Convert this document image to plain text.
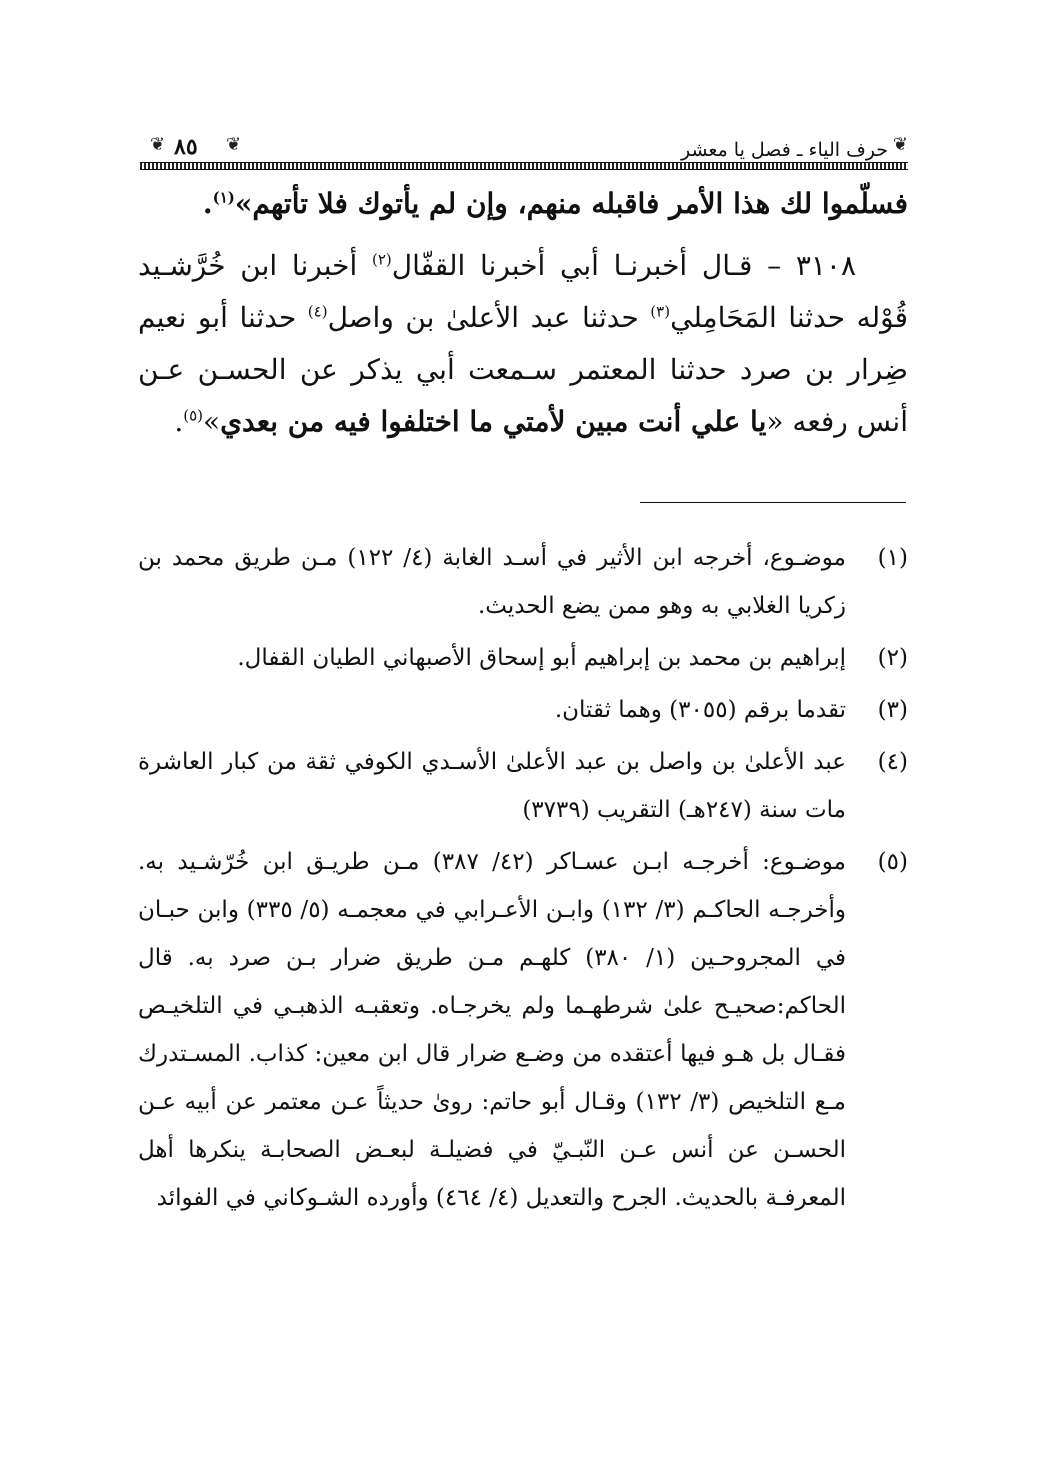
❦
حرف الياء ـ فصل يا معشر
❦
٨٥
❦

فسلّموا لك هذا الأمر فاقبله منهم، وإن لم يأتوك فلا تأتهم»$^{(١)}$.

٣١٠٨ – قـال أخبرنـا أبي أخبرنا القفّال$^{(٢)}$ أخبرنا ابن خُرَّشـيد قُوْله حدثنا المَحَامِلي$^{(٣)}$ حدثنا عبد الأعلىٰ بن واصل$^{(٤)}$ حدثنا أبو نعيم ضِرار بن صرد حدثنا المعتمر سـمعت أبي يذكر عن الحسـن عـن أنس رفعه «يا علي أنت مبين لأمتي ما اختلفوا فيه من بعدي»$^{(٥)}$.

(١)
موضـوع، أخرجه ابن الأثير في أسـد الغابة (٤/ ١٢٢) مـن طريق محمد بن زكريا الغلابي به وهو ممن يضع الحديث.
(٢)
إبراهيم بن محمد بن إبراهيم أبو إسحاق الأصبهاني الطيان القفال.
(٣)
تقدما برقم (٣٠٥٥) وهما ثقتان.
(٤)
عبد الأعلىٰ بن واصل بن عبد الأعلىٰ الأسـدي الكوفي ثقة من كبار العاشرة مات سنة (٢٤٧هـ) التقريب (٣٧٣٩)
(٥)
موضـوع: أخرجـه ابـن عسـاكر (٤٢/ ٣٨٧) مـن طريـق ابن خُرّشـيد به. وأخرجـه الحاكـم (٣/ ١٣٢) وابـن الأعـرابي في معجمـه (٥/ ٣٣٥) وابن حبـان في المجروحـين (١/ ٣٨٠) كلهـم مـن طريق ضرار بـن صرد به. قال الحاكم:صحيـح علىٰ شرطهـما ولم يخرجـاه. وتعقبـه الذهبـي في التلخيـص فقـال بل هـو فيها أعتقده من وضـع ضرار قال ابن معين: كذاب. المسـتدرك مـع التلخيص (٣/ ١٣٢) وقـال أبو حاتم: روىٰ حديثاً عـن معتمر عن أبيه عـن الحسـن عن أنس عـن النّبـيّ في فضيلـة لبعـض الصحابـة ينكرها أهل المعرفـة بالحديث. الجرح والتعديل (٤/ ٤٦٤) وأورده الشـوكاني في الفوائد
